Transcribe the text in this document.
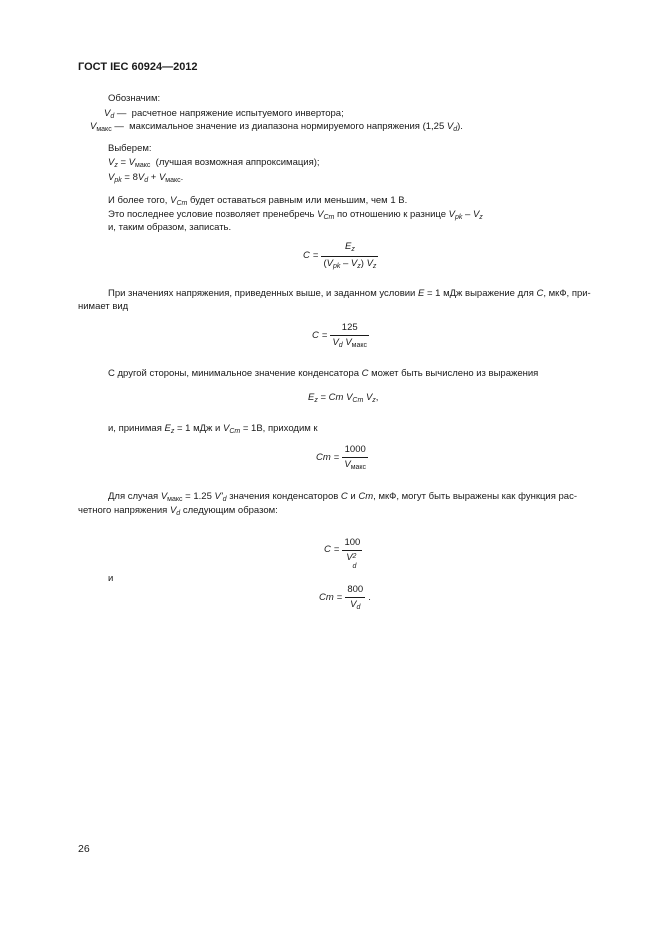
ГОСТ IEC 60924—2012
Обозначим:
$V_d$ — расчетное напряжение испытуемого инвертора;
$V_{макс}$ — максимальное значение из диапазона нормируемого напряжения (1,25 $V_d$).
Выберем:
$V_z = V_{макс}$  (лучшая возможная аппроксимация);
$V_{pk} = 8V_d + V_{макс}$.
И более того, $V_{Cm}$ будет оставаться равным или меньшим, чем 1 В.
Это последнее условие позволяет пренебречь $V_{Cm}$ по отношению к разнице $V_{pk} - V_z$
и, таким образом, записать.
$C = \frac{E_z}{(V_{pk} - V_z) V_z}$
При значениях напряжения, приведенных выше, и заданном условии E = 1 мДж выражение для C, мкФ, при-
нимает вид
$C = \frac{125}{V_d V_{макс}}$
С другой стороны, минимальное значение конденсатора C может быть вычислено из выражения
$E_z = Cm$ $V_{Cm}$ $V_z$,
и, принимая $E_z = 1$ мДж и $V_{Cm} = 1В$, приходим к
$Cm = \frac{1000}{V_{макс}}$
Для случая $V_{макс} = 1.25$ $V'_d$ значения конденсаторов C и Cm, мкФ, могут быть выражены как функция рас-
четного напряжения $V_d$ следующим образом:
C = 100
V 2
d
и
$Cm = \frac{800}{V_d}$ .
26
